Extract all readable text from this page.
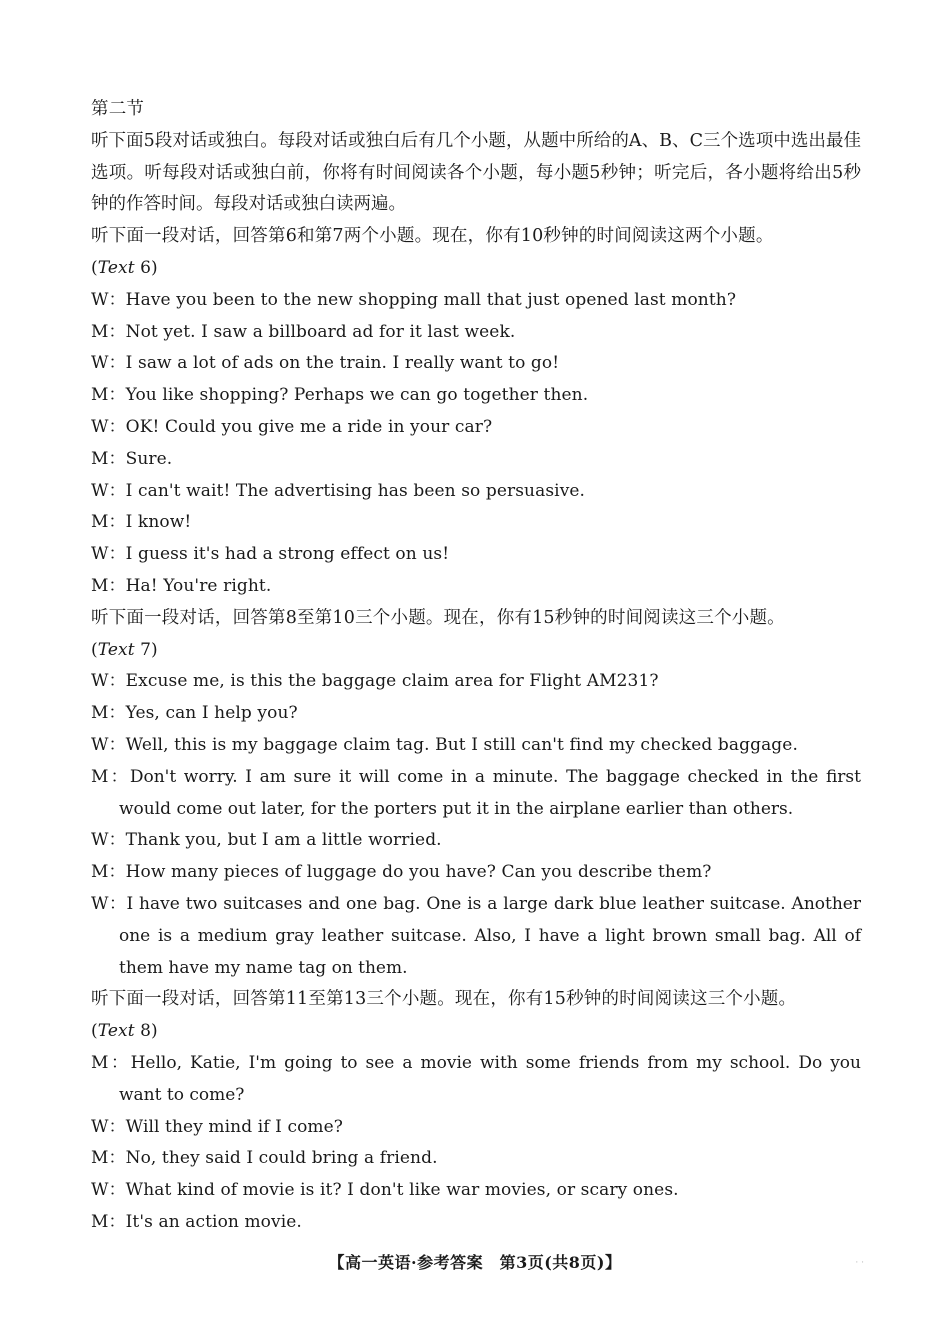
第二节
听下面5段对话或独白。每段对话或独白后有几个小题，从题中所给的A、B、C三个选项中选出最佳选项。听每段对话或独白前，你将有时间阅读各个小题，每小题5秒钟；听完后，各小题将给出5秒钟的作答时间。每段对话或独白读两遍。
听下面一段对话，回答第6和第7两个小题。现在，你有10秒钟的时间阅读这两个小题。
(Text 6)
W：Have you been to the new shopping mall that just opened last month?
M：Not yet. I saw a billboard ad for it last week.
W：I saw a lot of ads on the train. I really want to go!
M：You like shopping? Perhaps we can go together then.
W：OK! Could you give me a ride in your car?
M：Sure.
W：I can't wait! The advertising has been so persuasive.
M：I know!
W：I guess it's had a strong effect on us!
M：Ha! You're right.
听下面一段对话，回答第8至第10三个小题。现在，你有15秒钟的时间阅读这三个小题。
(Text 7)
W：Excuse me, is this the baggage claim area for Flight AM231?
M：Yes, can I help you?
W：Well, this is my baggage claim tag. But I still can't find my checked baggage.
M：Don't worry. I am sure it will come in a minute. The baggage checked in the first would come out later, for the porters put it in the airplane earlier than others.
W：Thank you, but I am a little worried.
M：How many pieces of luggage do you have? Can you describe them?
W：I have two suitcases and one bag. One is a large dark blue leather suitcase. Another one is a medium gray leather suitcase. Also, I have a light brown small bag. All of them have my name tag on them.
听下面一段对话，回答第11至第13三个小题。现在，你有15秒钟的时间阅读这三个小题。
(Text 8)
M：Hello, Katie, I'm going to see a movie with some friends from my school. Do you want to come?
W：Will they mind if I come?
M：No, they said I could bring a friend.
W：What kind of movie is it? I don't like war movies, or scary ones.
M：It's an action movie.
【高一英语·参考答案　第3页(共8页)】	· ·
